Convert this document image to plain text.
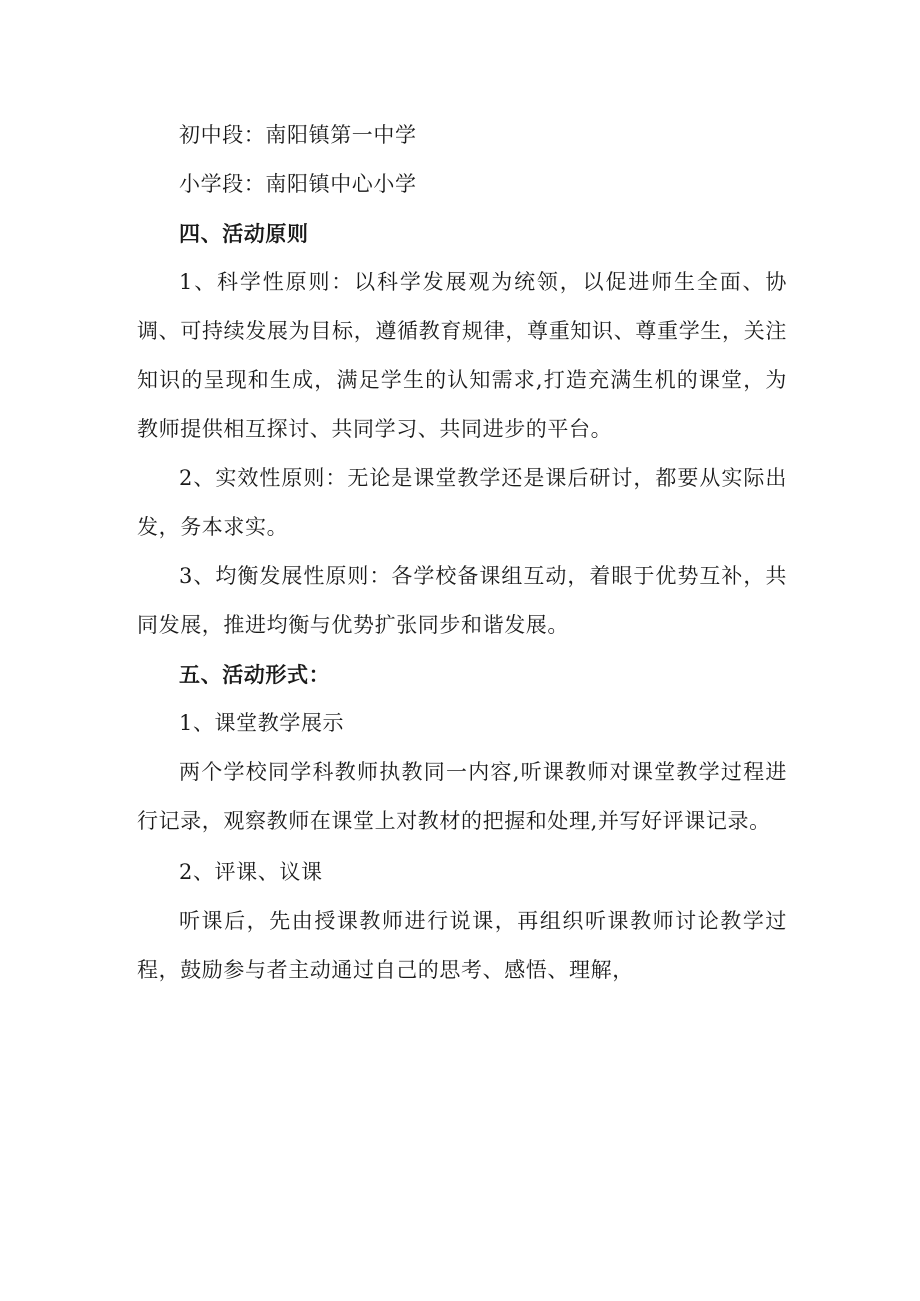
初中段：南阳镇第一中学

小学段：南阳镇中心小学

四、活动原则

1、科学性原则：以科学发展观为统领，以促进师生全面、协调、可持续发展为目标，遵循教育规律，尊重知识、尊重学生，关注知识的呈现和生成，满足学生的认知需求,打造充满生机的课堂，为教师提供相互探讨、共同学习、共同进步的平台。

2、实效性原则：无论是课堂教学还是课后研讨，都要从实际出发，务本求实。

3、均衡发展性原则：各学校备课组互动，着眼于优势互补，共同发展，推进均衡与优势扩张同步和谐发展。

五、活动形式：

1、课堂教学展示

两个学校同学科教师执教同一内容,听课教师对课堂教学过程进行记录，观察教师在课堂上对教材的把握和处理,并写好评课记录。

2、评课、议课

听课后，先由授课教师进行说课，再组织听课教师讨论教学过程，鼓励参与者主动通过自己的思考、感悟、理解，
